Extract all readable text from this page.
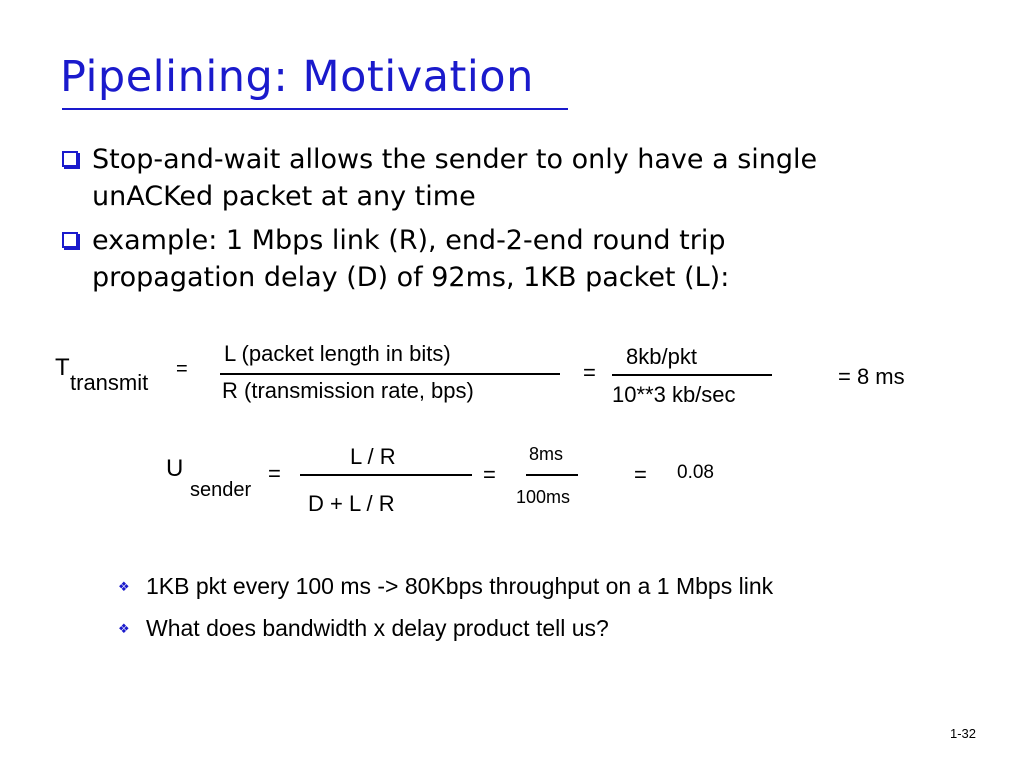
Pipelining: Motivation
Stop-and-wait allows the sender to only have a single
unACKed packet at any time
example: 1 Mbps link (R), end-2-end round trip
propagation delay (D) of 92ms, 1KB packet (L):
T
transmit
=
L (packet length in bits)
R (transmission rate, bps)
=
8kb/pkt
10**3 kb/sec
= 8 ms
U
sender
=
L / R
D + L / R
=
8ms
100ms
= 0.08
❖ 1KB pkt every 100 ms -> 80Kbps throughput on a 1 Mbps link
❖ What does bandwidth x delay product tell us?
1-32
